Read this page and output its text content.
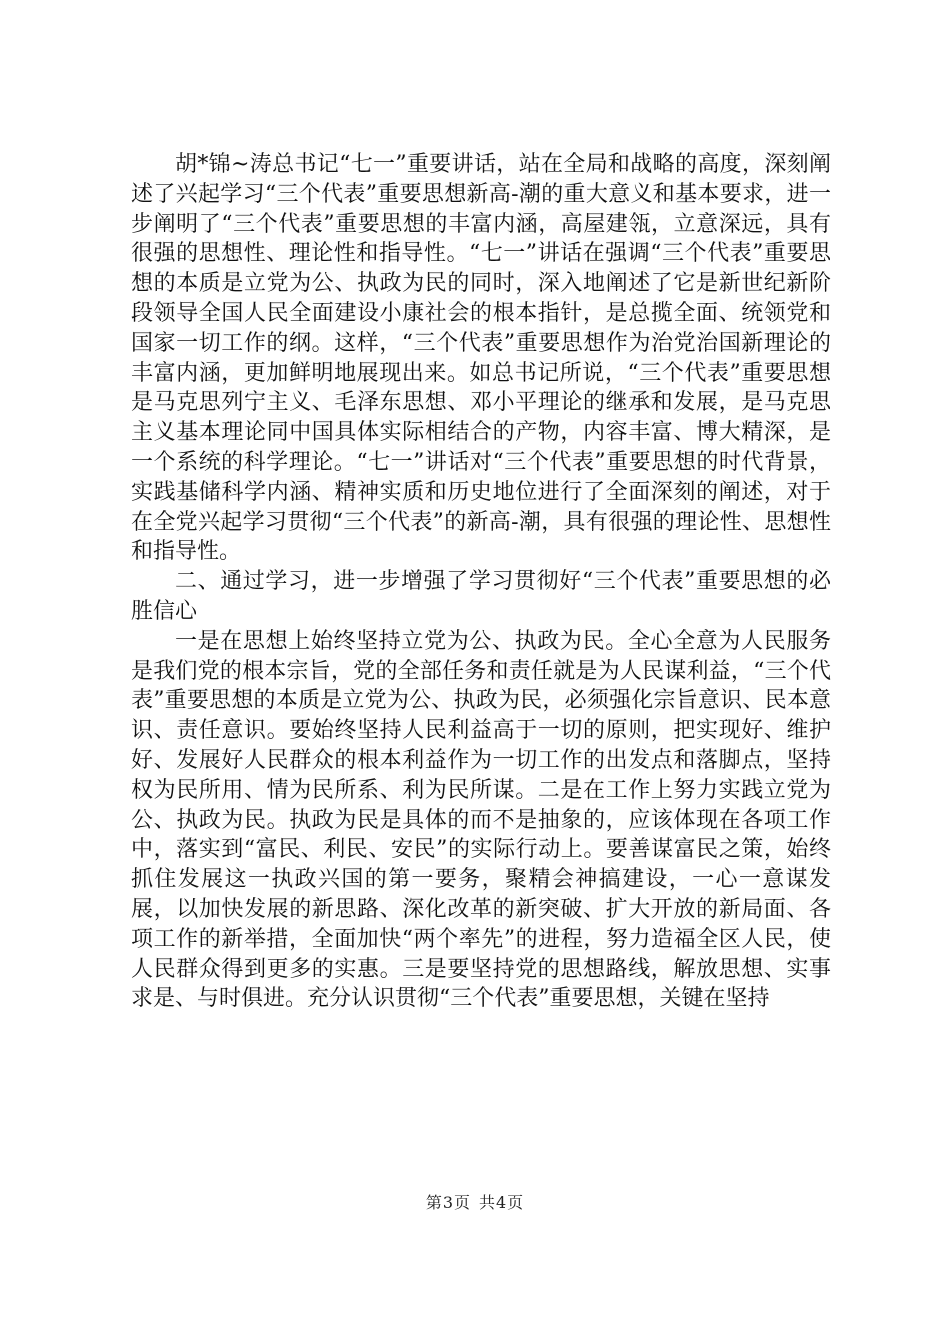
胡*锦~涛总书记“七一”重要讲话，站在全局和战略的高度，深刻阐述了兴起学习“三个代表”重要思想新高-潮的重大意义和基本要求，进一步阐明了“三个代表”重要思想的丰富内涵，高屋建瓴，立意深远，具有很强的思想性、理论性和指导性。“七一”讲话在强调“三个代表”重要思想的本质是立党为公、执政为民的同时，深入地阐述了它是新世纪新阶段领导全国人民全面建设小康社会的根本指针，是总揽全面、统领党和国家一切工作的纲。这样，“三个代表”重要思想作为治党治国新理论的丰富内涵，更加鲜明地展现出来。如总书记所说，“三个代表”重要思想是马克思列宁主义、毛泽东思想、邓小平理论的继承和发展，是马克思主义基本理论同中国具体实际相结合的产物，内容丰富、博大精深，是一个系统的科学理论。“七一”讲话对“三个代表”重要思想的时代背景，实践基储科学内涵、精神实质和历史地位进行了全面深刻的阐述，对于在全党兴起学习贯彻“三个代表”的新高-潮，具有很强的理论性、思想性和指导性。

二、通过学习，进一步增强了学习贯彻好“三个代表”重要思想的必胜信心

一是在思想上始终坚持立党为公、执政为民。全心全意为人民服务是我们党的根本宗旨，党的全部任务和责任就是为人民谋利益，“三个代表”重要思想的本质是立党为公、执政为民，必须强化宗旨意识、民本意识、责任意识。要始终坚持人民利益高于一切的原则，把实现好、维护好、发展好人民群众的根本利益作为一切工作的出发点和落脚点，坚持权为民所用、情为民所系、利为民所谋。二是在工作上努力实践立党为公、执政为民。执政为民是具体的而不是抽象的，应该体现在各项工作中，落实到“富民、利民、安民”的实际行动上。要善谋富民之策，始终抓住发展这一执政兴国的第一要务，聚精会神搞建设，一心一意谋发展，以加快发展的新思路、深化改革的新突破、扩大开放的新局面、各项工作的新举措，全面加快“两个率先”的进程，努力造福全区人民，使人民群众得到更多的实惠。三是要坚持党的思想路线，解放思想、实事求是、与时俱进。充分认识贯彻“三个代表”重要思想，关键在坚持

第3页 共4页
